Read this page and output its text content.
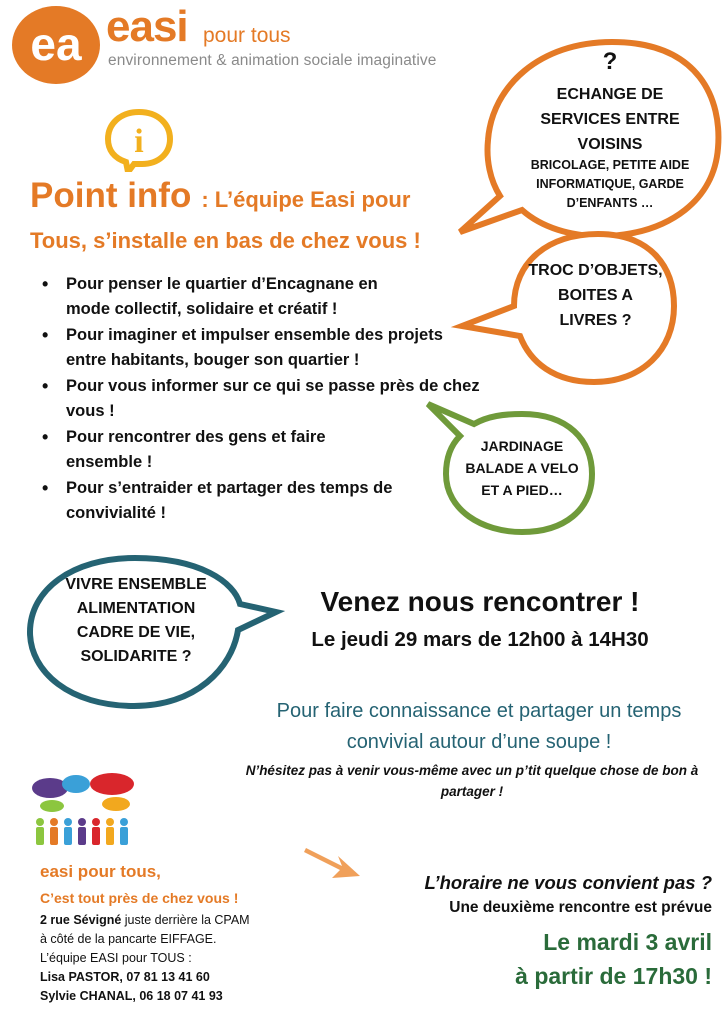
ea easi pour tous
environnement & animation sociale imaginative
i
Point info : L’équipe Easi pour
Tous, s’installe en bas de chez vous !
• Pour penser le quartier d’Encagnane en mode collectif, solidaire et créatif !
• Pour imaginer et impulser ensemble des projets entre habitants, bouger son quartier !
• Pour vous informer sur ce qui se passe près de chez vous !
• Pour rencontrer des gens et faire ensemble !
• Pour s’entraider et partager des temps de convivialité !
?
ECHANGE DE SERVICES ENTRE VOISINS
BRICOLAGE, PETITE AIDE INFORMATIQUE, GARDE D’ENFANTS …
TROC D’OBJETS, BOITES A LIVRES ?
JARDINAGE BALADE A VELO ET A PIED…
VIVRE ENSEMBLE ALIMENTATION CADRE DE VIE, SOLIDARITE ?
Venez nous rencontrer !
Le jeudi 29 mars de 12h00 à 14H30
Pour faire connaissance et partager un temps convivial autour d’une soupe !
N’hésitez pas à venir vous-même avec un p’tit quelque chose de bon à partager !
easi pour tous,
C’est tout près de chez vous !
2 rue Sévigné juste derrière la CPAM
à côté de la pancarte EIFFAGE.
L’équipe EASI pour TOUS :
Lisa PASTOR, 07 81 13 41 60
Sylvie CHANAL, 06 18 07 41 93
L’horaire ne vous convient pas ?
Une deuxième rencontre est prévue
Le mardi 3 avril
à partir de 17h30 !
